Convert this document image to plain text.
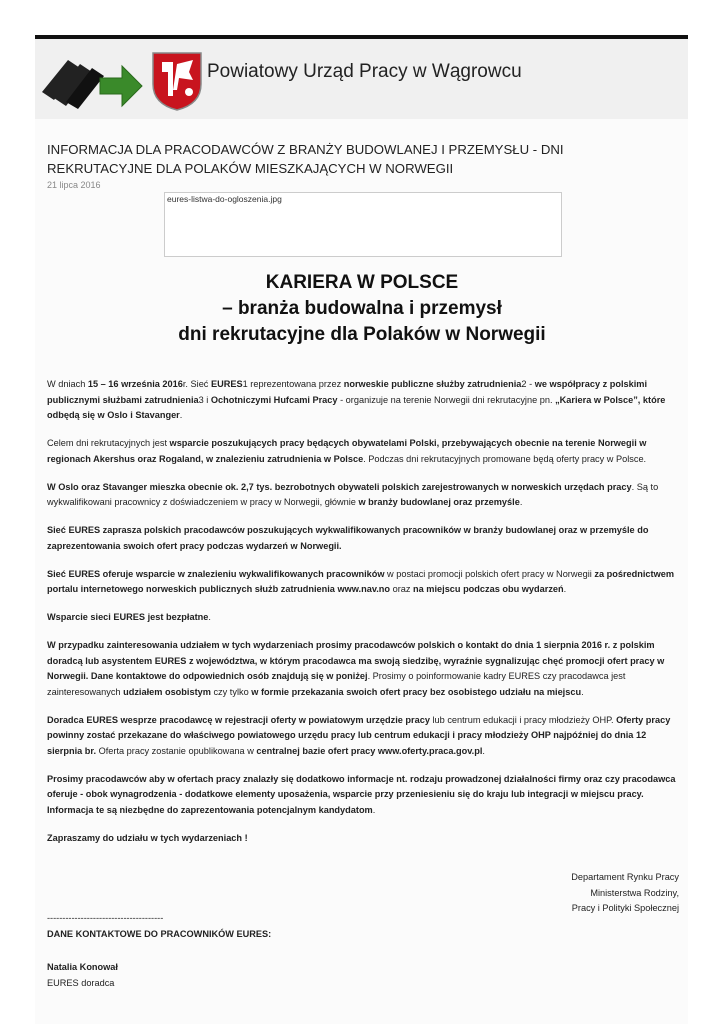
Powiatowy Urząd Pracy w Wągrowcu
INFORMACJA DLA PRACODAWCÓW Z BRANŻY BUDOWLANEJ I PRZEMYSŁU - DNI REKRUTACYJNE DLA POLAKÓW MIESZKAJĄCYCH W NORWEGII
21 lipca 2016
eures-listwa-do-ogloszenia.jpg
KARIERA W POLSCE
– branża budowalna i przemysł
dni rekrutacyjne dla Polaków w Norwegii

W dniach 15 – 16 września 2016r. Sieć EURES1 reprezentowana przez norweskie publiczne służby zatrudnienia2 - we współpracy z polskimi publicznymi służbami zatrudnienia3 i Ochotniczymi Hufcami Pracy - organizuje na terenie Norwegii dni rekrutacyjne pn. „Kariera w Polsce”, które odbędą się w Oslo i Stavanger.

Celem dni rekrutacyjnych jest wsparcie poszukujących pracy będących obywatelami Polski, przebywających obecnie na terenie Norwegii w regionach Akershus oraz Rogaland, w znalezieniu zatrudnienia w Polsce. Podczas dni rekrutacyjnych promowane będą oferty pracy w Polsce.

W Oslo oraz Stavanger mieszka obecnie ok. 2,7 tys. bezrobotnych obywateli polskich zarejestrowanych w norweskich urzędach pracy. Są to wykwalifikowani pracownicy z doświadczeniem w pracy w Norwegii, głównie w branży budowlanej oraz przemyśle.

Sieć EURES zaprasza polskich pracodawców poszukujących wykwalifikowanych pracowników w branży budowlanej oraz w przemyśle do zaprezentowania swoich ofert pracy podczas wydarzeń w Norwegii.

Sieć EURES oferuje wsparcie w znalezieniu wykwalifikowanych pracowników w postaci promocji polskich ofert pracy w Norwegii za pośrednictwem portalu internetowego norweskich publicznych służb zatrudnienia www.nav.no oraz na miejscu podczas obu wydarzeń.

Wsparcie sieci EURES jest bezpłatne.

W przypadku zainteresowania udziałem w tych wydarzeniach prosimy pracodawców polskich o kontakt do dnia 1 sierpnia 2016 r. z polskim doradcą lub asystentem EURES z województwa, w którym pracodawca ma swoją siedzibę, wyraźnie sygnalizując chęć promocji ofert pracy w Norwegii. Dane kontaktowe do odpowiednich osób znajdują się w poniżej. Prosimy o poinformowanie kadry EURES czy pracodawca jest zainteresowanych udziałem osobistym czy tylko w formie przekazania swoich ofert pracy bez osobistego udziału na miejscu.

Doradca EURES wesprze pracodawcę w rejestracji oferty w powiatowym urzędzie pracy lub centrum edukacji i pracy młodzieży OHP. Oferty pracy powinny zostać przekazane do właściwego powiatowego urzędu pracy lub centrum edukacji i pracy młodzieży OHP najpóźniej do dnia 12 sierpnia br. Oferta pracy zostanie opublikowana w centralnej bazie ofert pracy www.oferty.praca.gov.pl.

Prosimy pracodawców aby w ofertach pracy znalazły się dodatkowo informacje nt. rodzaju prowadzonej działalności firmy oraz czy pracodawca oferuje - obok wynagrodzenia - dodatkowe elementy uposażenia, wsparcie przy przeniesieniu się do kraju lub integracji w miejscu pracy. Informacja te są niezbędne do zaprezentowania potencjalnym kandydatom.

Zapraszamy do udziału w tych wydarzeniach !

Departament Rynku Pracy
Ministerstwa Rodziny,
Pracy i Polityki Społecznej

--------------------------------------

DANE KONTAKTOWE DO PRACOWNIKÓW EURES:

Natalia Konował

EURES doradca
